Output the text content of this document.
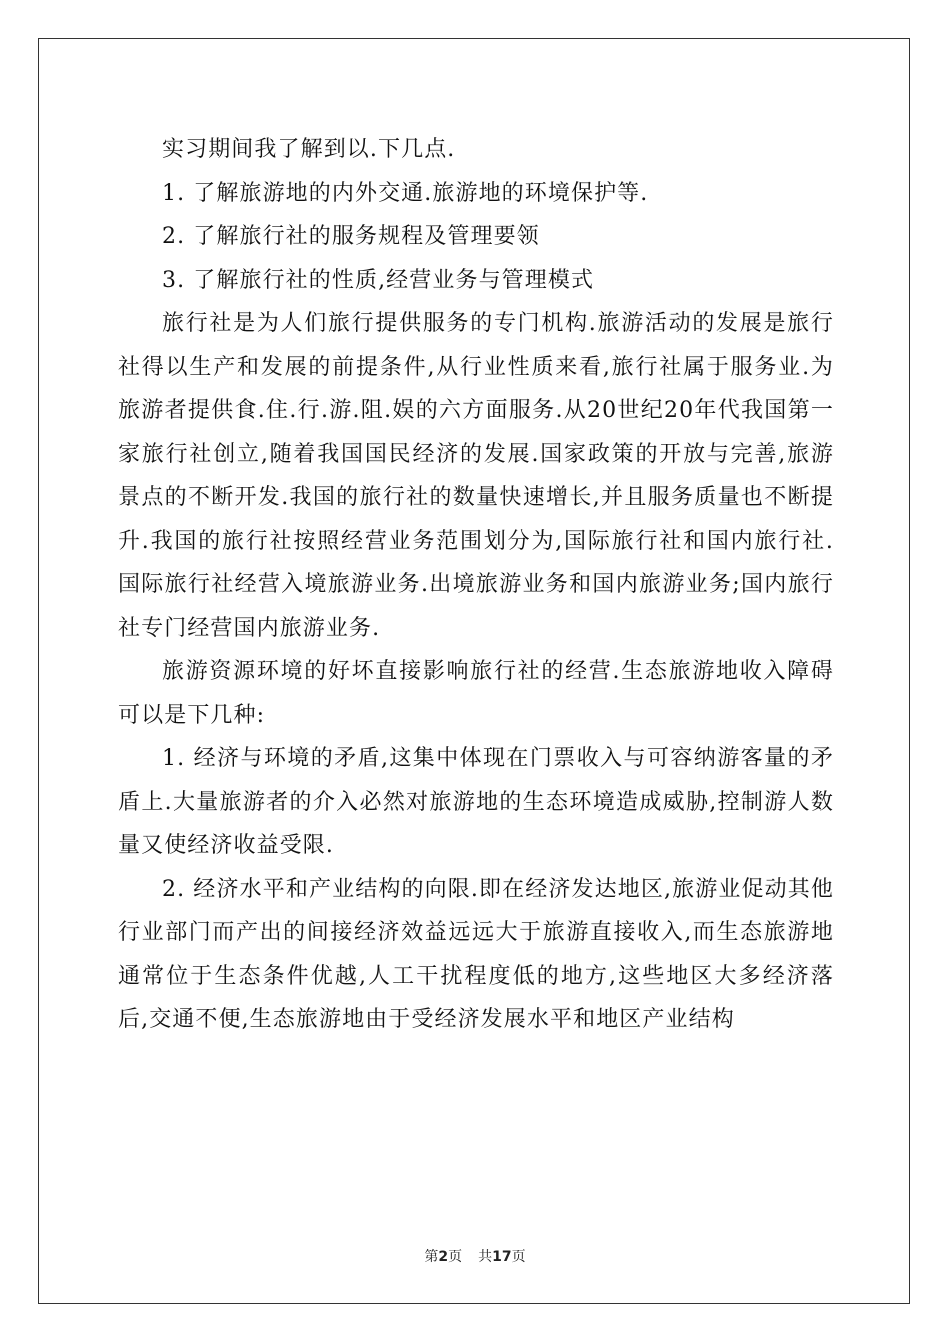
实习期间我了解到以.下几点.

1. 了解旅游地的内外交通.旅游地的环境保护等.

2. 了解旅行社的服务规程及管理要领

3. 了解旅行社的性质,经营业务与管理模式

旅行社是为人们旅行提供服务的专门机构.旅游活动的发展是旅行社得以生产和发展的前提条件,从行业性质来看,旅行社属于服务业.为旅游者提供食.住.行.游.阻.娱的六方面服务.从20世纪20年代我国第一家旅行社创立,随着我国国民经济的发展.国家政策的开放与完善,旅游景点的不断开发.我国的旅行社的数量快速增长,并且服务质量也不断提升.我国的旅行社按照经营业务范围划分为,国际旅行社和国内旅行社.国际旅行社经营入境旅游业务.出境旅游业务和国内旅游业务;国内旅行社专门经营国内旅游业务.

旅游资源环境的好坏直接影响旅行社的经营.生态旅游地收入障碍可以是下几种:

1. 经济与环境的矛盾,这集中体现在门票收入与可容纳游客量的矛盾上.大量旅游者的介入必然对旅游地的生态环境造成威胁,控制游人数量又使经济收益受限.

2. 经济水平和产业结构的向限.即在经济发达地区,旅游业促动其他行业部门而产出的间接经济效益远远大于旅游直接收入,而生态旅游地通常位于生态条件优越,人工干扰程度低的地方,这些地区大多经济落后,交通不便,生态旅游地由于受经济发展水平和地区产业结构

第2页 共17页
